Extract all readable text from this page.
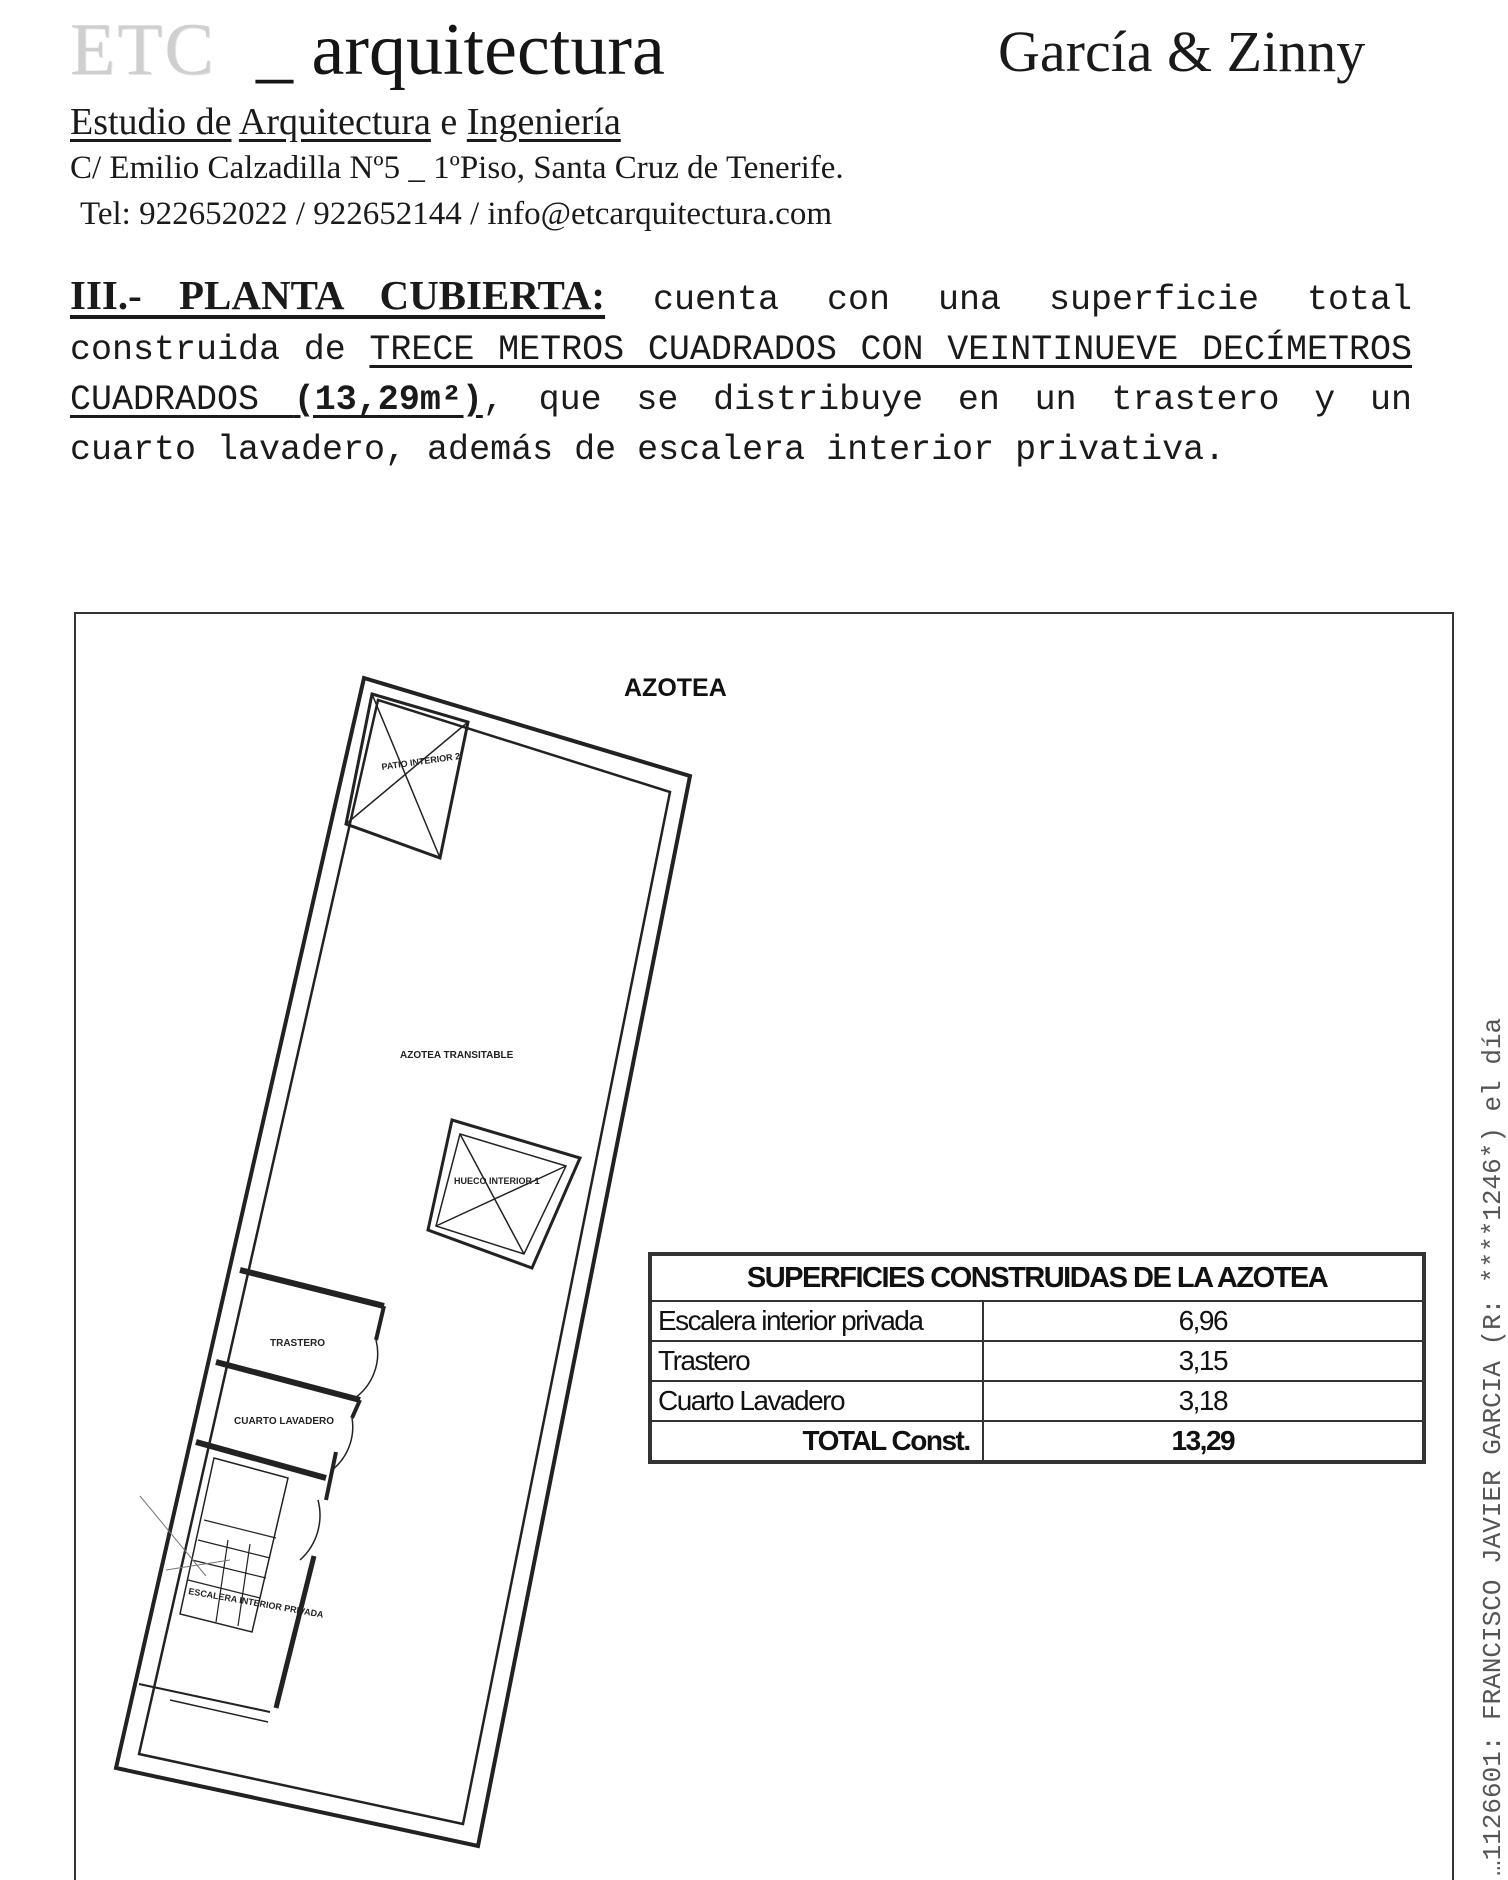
ETC _ arquitectura	García & Zinny
Estudio de Arquitectura e Ingeniería
C/ Emilio Calzadilla Nº5 _ 1ºPiso, Santa Cruz de Tenerife.
Tel: 922652022 / 922652144 / info@etcarquitectura.com
III.- PLANTA CUBIERTA: cuenta con una superficie total construida de TRECE METROS CUADRADOS CON VEINTINUEVE DECÍMETROS CUADRADOS (13,29m²), que se distribuye en un trastero y un cuarto lavadero, además de escalera interior privativa.
…1126601: FRANCISCO JAVIER GARCIA (R: ****1246*) el día
PATIO INTERIOR 2
AZOTEA TRANSITABLE
HUECO INTERIOR 1
TRASTERO
CUARTO LAVADERO
ESCALERA INTERIOR PRIVADA
AZOTEA
SUPERFICIES CONSTRUIDAS DE LA AZOTEA	
Escalera interior privada	6,96
Trastero	3,15
Cuarto Lavadero	3,18
TOTAL Const.	13,29
